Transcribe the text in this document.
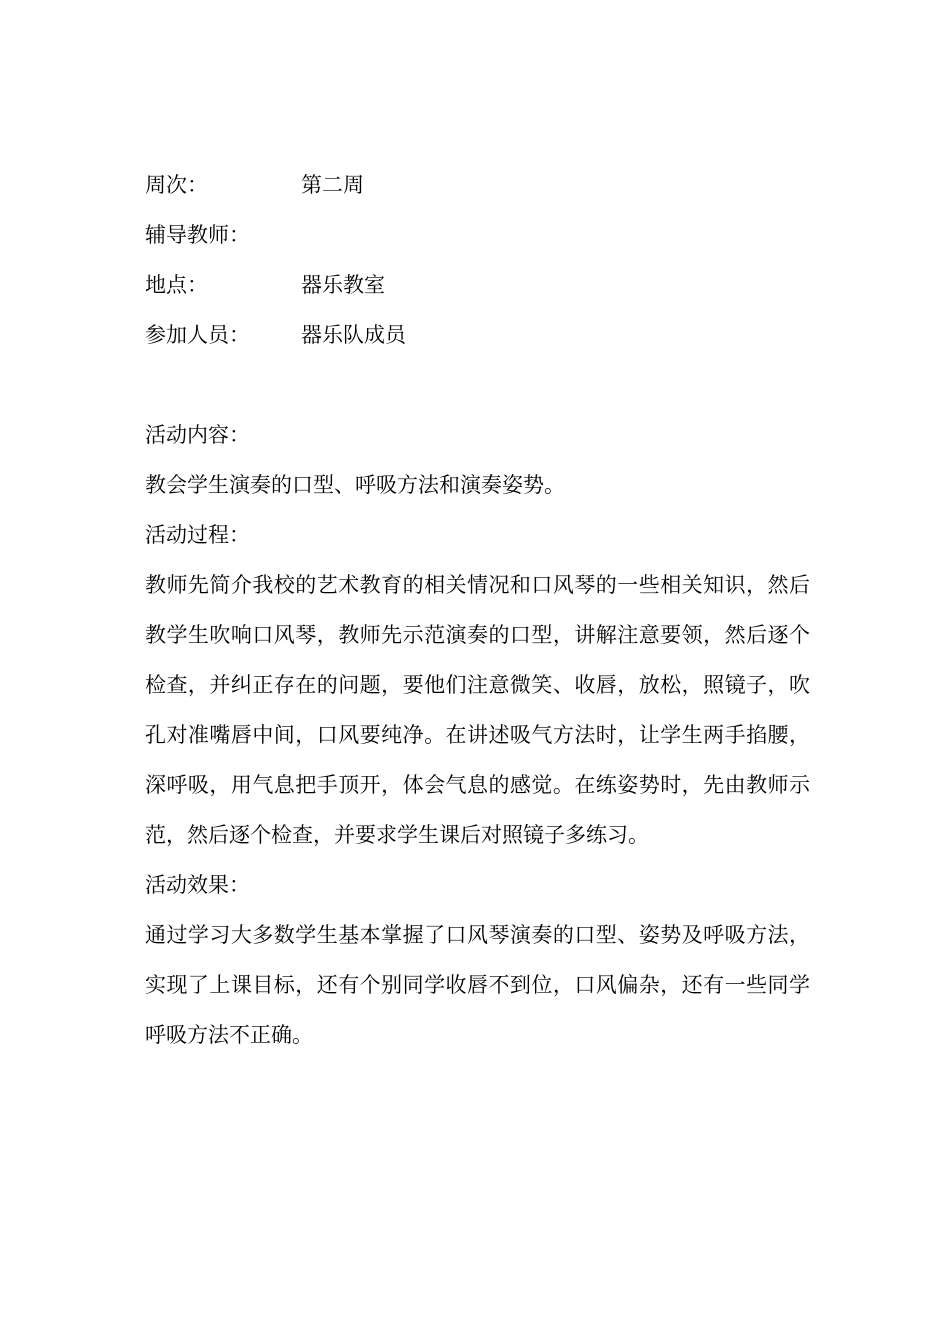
周次：	第二周
辅导教师：
地点：	器乐教室
参加人员： 器乐队成员
活动内容：
教会学生演奏的口型、呼吸方法和演奏姿势。
活动过程：
教师先简介我校的艺术教育的相关情况和口风琴的一些相关知识，然后教学生吹响口风琴，教师先示范演奏的口型，讲解注意要领，然后逐个检查，并纠正存在的问题，要他们注意微笑、收唇，放松，照镜子，吹孔对准嘴唇中间，口风要纯净。在讲述吸气方法时，让学生两手掐腰，深呼吸，用气息把手顶开，体会气息的感觉。在练姿势时，先由教师示范，然后逐个检查，并要求学生课后对照镜子多练习。
活动效果：
通过学习大多数学生基本掌握了口风琴演奏的口型、姿势及呼吸方法，实现了上课目标，还有个别同学收唇不到位，口风偏杂，还有一些同学呼吸方法不正确。
